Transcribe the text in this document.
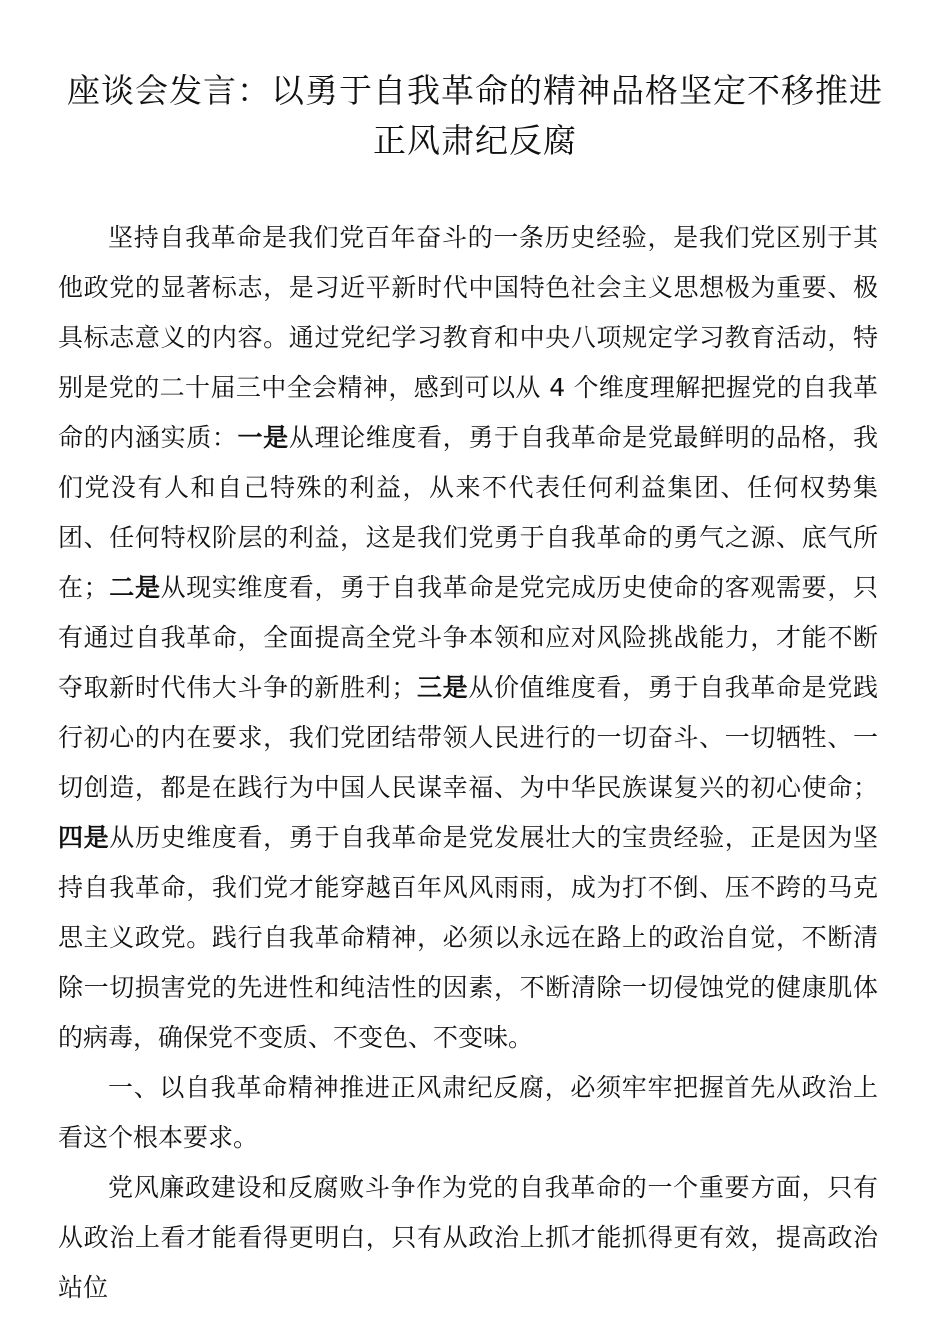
座谈会发言：以勇于自我革命的精神品格坚定不移推进正风肃纪反腐

坚持自我革命是我们党百年奋斗的一条历史经验，是我们党区别于其他政党的显著标志，是习近平新时代中国特色社会主义思想极为重要、极具标志意义的内容。通过党纪学习教育和中央八项规定学习教育活动，特别是党的二十届三中全会精神，感到可以从 4 个维度理解把握党的自我革命的内涵实质：一是从理论维度看，勇于自我革命是党最鲜明的品格，我们党没有人和自己特殊的利益，从来不代表任何利益集团、任何权势集团、任何特权阶层的利益，这是我们党勇于自我革命的勇气之源、底气所在；二是从现实维度看，勇于自我革命是党完成历史使命的客观需要，只有通过自我革命，全面提高全党斗争本领和应对风险挑战能力，才能不断夺取新时代伟大斗争的新胜利；三是从价值维度看，勇于自我革命是党践行初心的内在要求，我们党团结带领人民进行的一切奋斗、一切牺牲、一切创造，都是在践行为中国人民谋幸福、为中华民族谋复兴的初心使命；四是从历史维度看，勇于自我革命是党发展壮大的宝贵经验，正是因为坚持自我革命，我们党才能穿越百年风风雨雨，成为打不倒、压不跨的马克思主义政党。践行自我革命精神，必须以永远在路上的政治自觉，不断清除一切损害党的先进性和纯洁性的因素，不断清除一切侵蚀党的健康肌体的病毒，确保党不变质、不变色、不变味。

一、以自我革命精神推进正风肃纪反腐，必须牢牢把握首先从政治上看这个根本要求。

党风廉政建设和反腐败斗争作为党的自我革命的一个重要方面，只有从政治上看才能看得更明白，只有从政治上抓才能抓得更有效，提高政治站位
